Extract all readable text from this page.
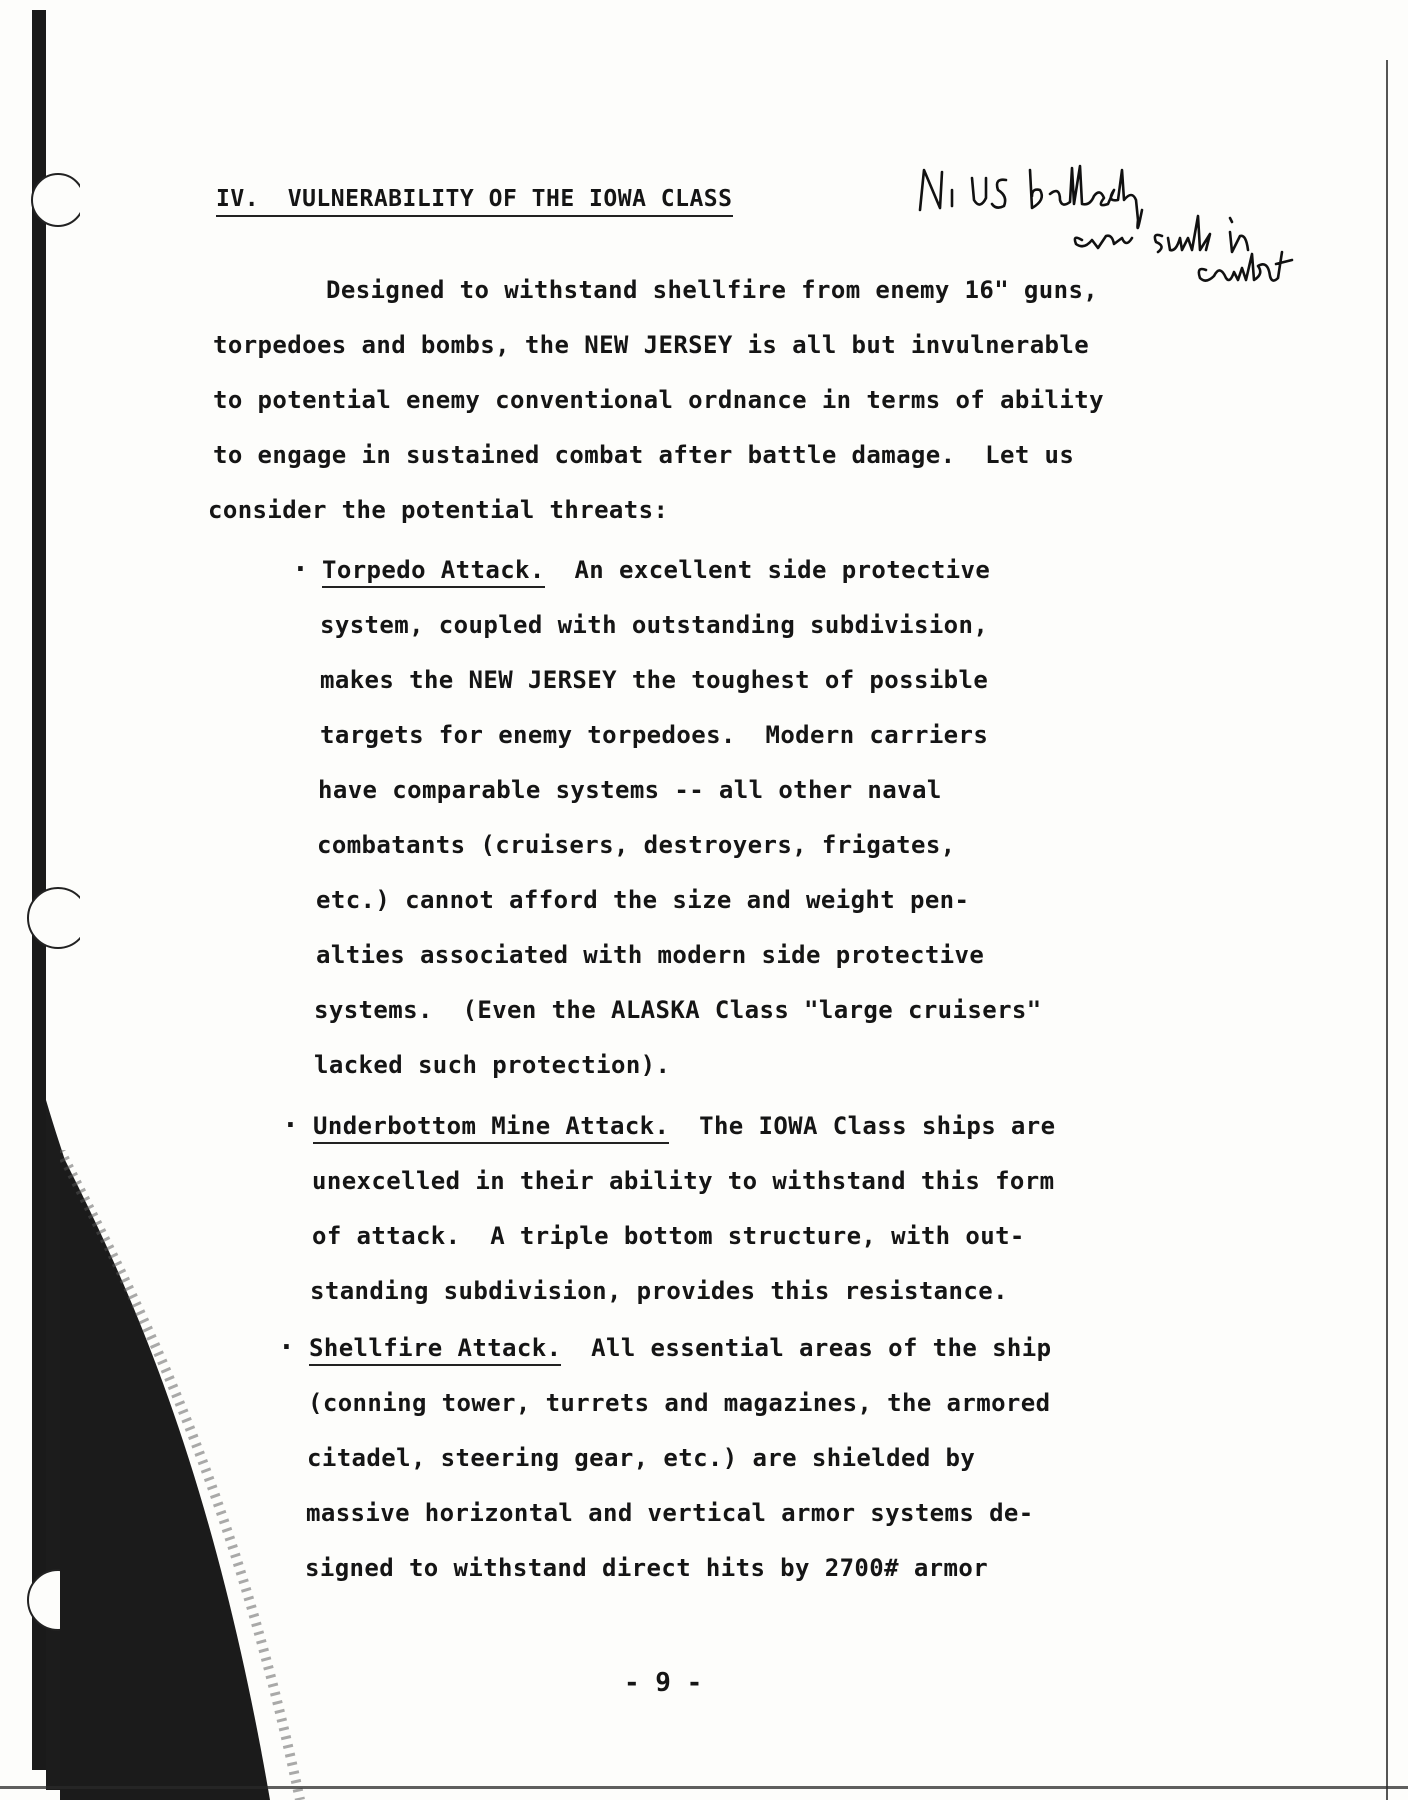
IV.  VULNERABILITY OF THE IOWA CLASS
Designed to withstand shellfire from enemy 16" guns,
torpedoes and bombs, the NEW JERSEY is all but invulnerable
to potential enemy conventional ordnance in terms of ability
to engage in sustained combat after battle damage.  Let us
consider the potential threats:
· Torpedo Attack.  An excellent side protective
system, coupled with outstanding subdivision,
makes the NEW JERSEY the toughest of possible
targets for enemy torpedoes.  Modern carriers
have comparable systems -- all other naval
combatants (cruisers, destroyers, frigates,
etc.) cannot afford the size and weight pen-
alties associated with modern side protective
systems.  (Even the ALASKA Class "large cruisers"
lacked such protection).
· Underbottom Mine Attack.  The IOWA Class ships are
unexcelled in their ability to withstand this form
of attack.  A triple bottom structure, with out-
standing subdivision, provides this resistance.
· Shellfire Attack.  All essential areas of the ship
(conning tower, turrets and magazines, the armored
citadel, steering gear, etc.) are shielded by
massive horizontal and vertical armor systems de-
signed to withstand direct hits by 2700# armor
- 9 -
